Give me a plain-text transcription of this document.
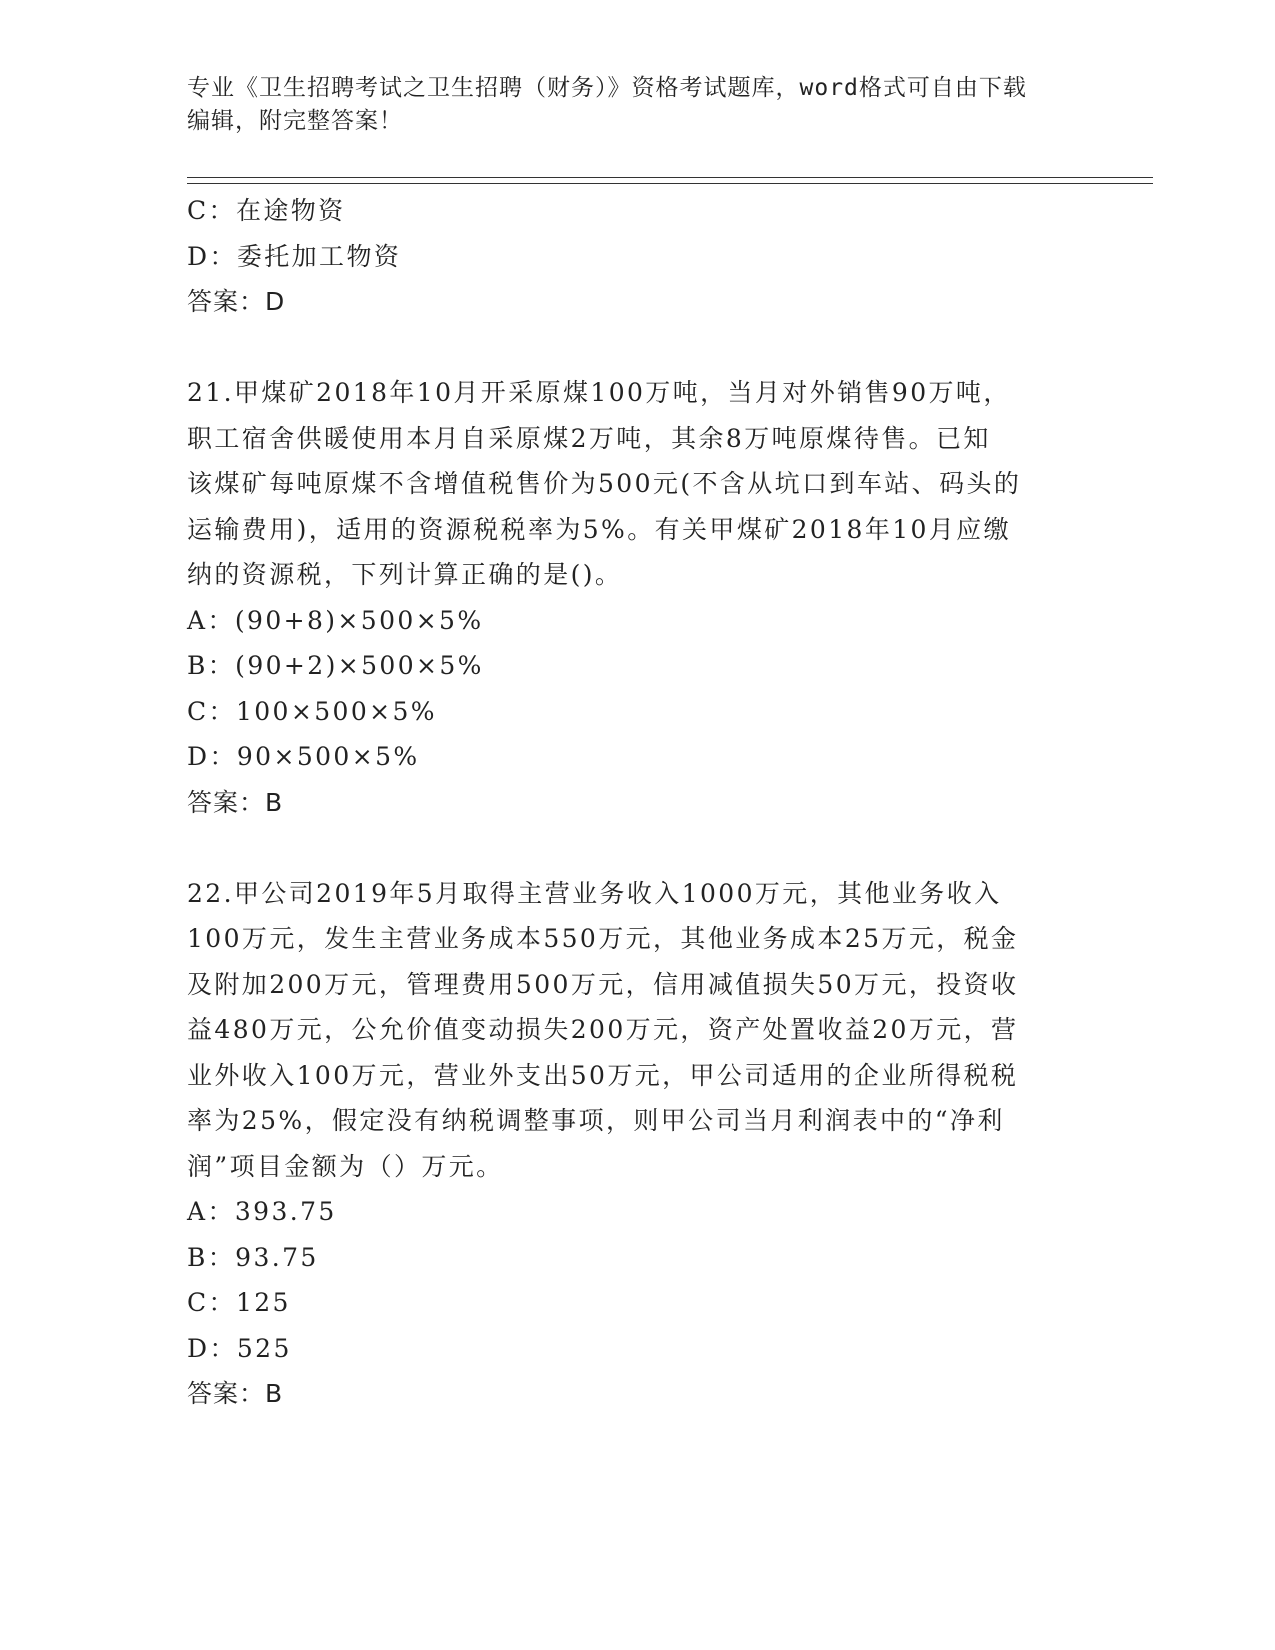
专业《卫生招聘考试之卫生招聘（财务）》资格考试题库，word格式可自由下载
编辑，附完整答案！
C：在途物资
D：委托加工物资
答案：D
21.甲煤矿2018年10月开采原煤100万吨，当月对外销售90万吨，
职工宿舍供暖使用本月自采原煤2万吨，其余8万吨原煤待售。已知
该煤矿每吨原煤不含增值税售价为500元(不含从坑口到车站、码头的
运输费用)，适用的资源税税率为5%。有关甲煤矿2018年10月应缴
纳的资源税，下列计算正确的是()。
A：(90+8)×500×5%
B：(90+2)×500×5%
C：100×500×5%
D：90×500×5%
答案：B
22.甲公司2019年5月取得主营业务收入1000万元，其他业务收入
100万元，发生主营业务成本550万元，其他业务成本25万元，税金
及附加200万元，管理费用500万元，信用减值损失50万元，投资收
益480万元，公允价值变动损失200万元，资产处置收益20万元，营
业外收入100万元，营业外支出50万元，甲公司适用的企业所得税税
率为25%，假定没有纳税调整事项，则甲公司当月利润表中的“净利
润”项目金额为（）万元。
A：393.75
B：93.75
C：125
D：525
答案：B
